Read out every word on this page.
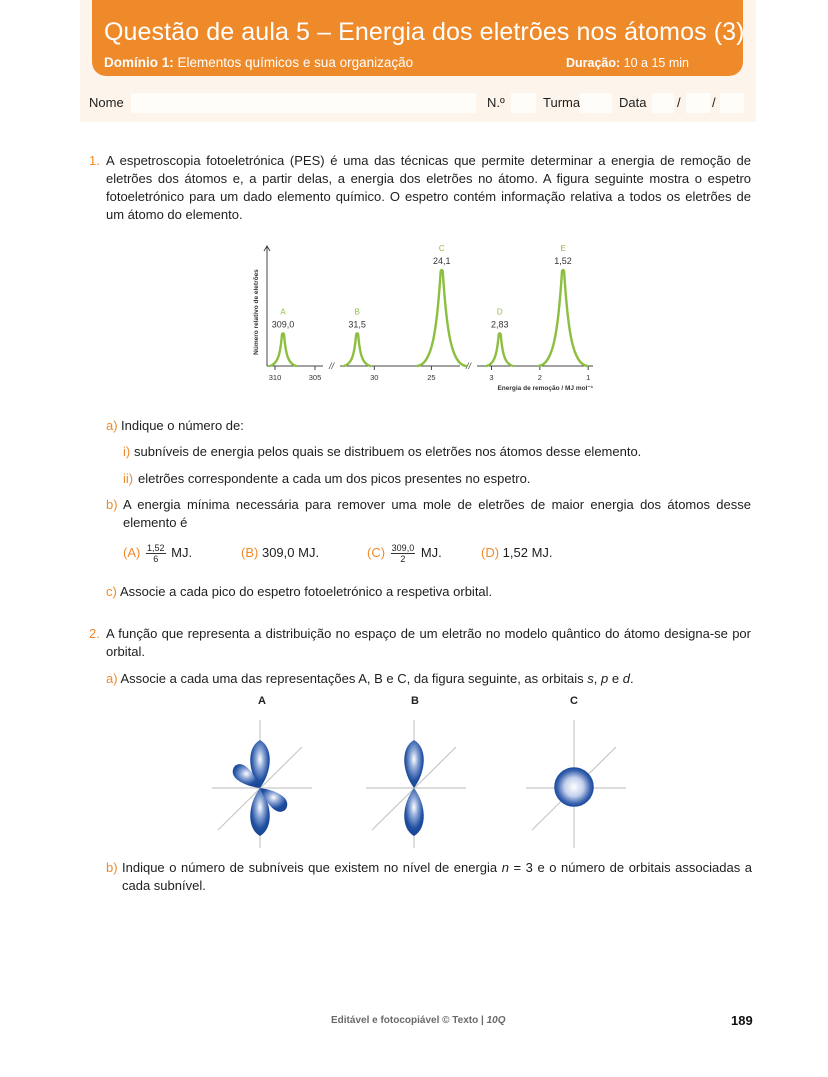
Questão de aula 5 – Energia dos eletrões nos átomos (3)
Domínio 1: Elementos químicos e sua organização	Duração: 10 a 15 min
Nome	N.º	Turma	Data / /
1. A espetroscopia fotoeletrónica (PES) é uma das técnicas que permite determinar a energia de remoção de eletrões dos átomos e, a partir delas, a energia dos eletrões no átomo. A figura seguinte mostra o espetro fotoeletrónico para um dado elemento químico. O espetro contém informação relativa a todos os eletrões de um átomo do elemento.
Número relativo de eletrões
310	305
//
30	25
//
3	2	1
Energia de remoção / MJ mol⁻¹
309,0
A
31,5
B
24,1
C
2,83
D
1,52
E
a) Indique o número de:
i) subníveis de energia pelos quais se distribuem os eletrões nos átomos desse elemento.
ii) eletrões correspondente a cada um dos picos presentes no espetro.
b) A energia mínima necessária para remover uma mole de eletrões de maior energia dos átomos desse elemento é
$(A) \frac{1,52}{6}$ MJ.	(B) 309,0 MJ.	$(C) \frac{309,0}{2}$ MJ.	(D) 1,52 MJ.
c) Associe a cada pico do espetro fotoeletrónico a respetiva orbital.
2. A função que representa a distribuição no espaço de um eletrão no modelo quântico do átomo designa-se por orbital.
a) Associe a cada uma das representações A, B e C, da figura seguinte, as orbitais s, p e d.
A	B	C
b) Indique o número de subníveis que existem no nível de energia n = 3 e o número de orbitais associadas a cada subnível.
Editável e fotocopiável © Texto | 10Q	189
